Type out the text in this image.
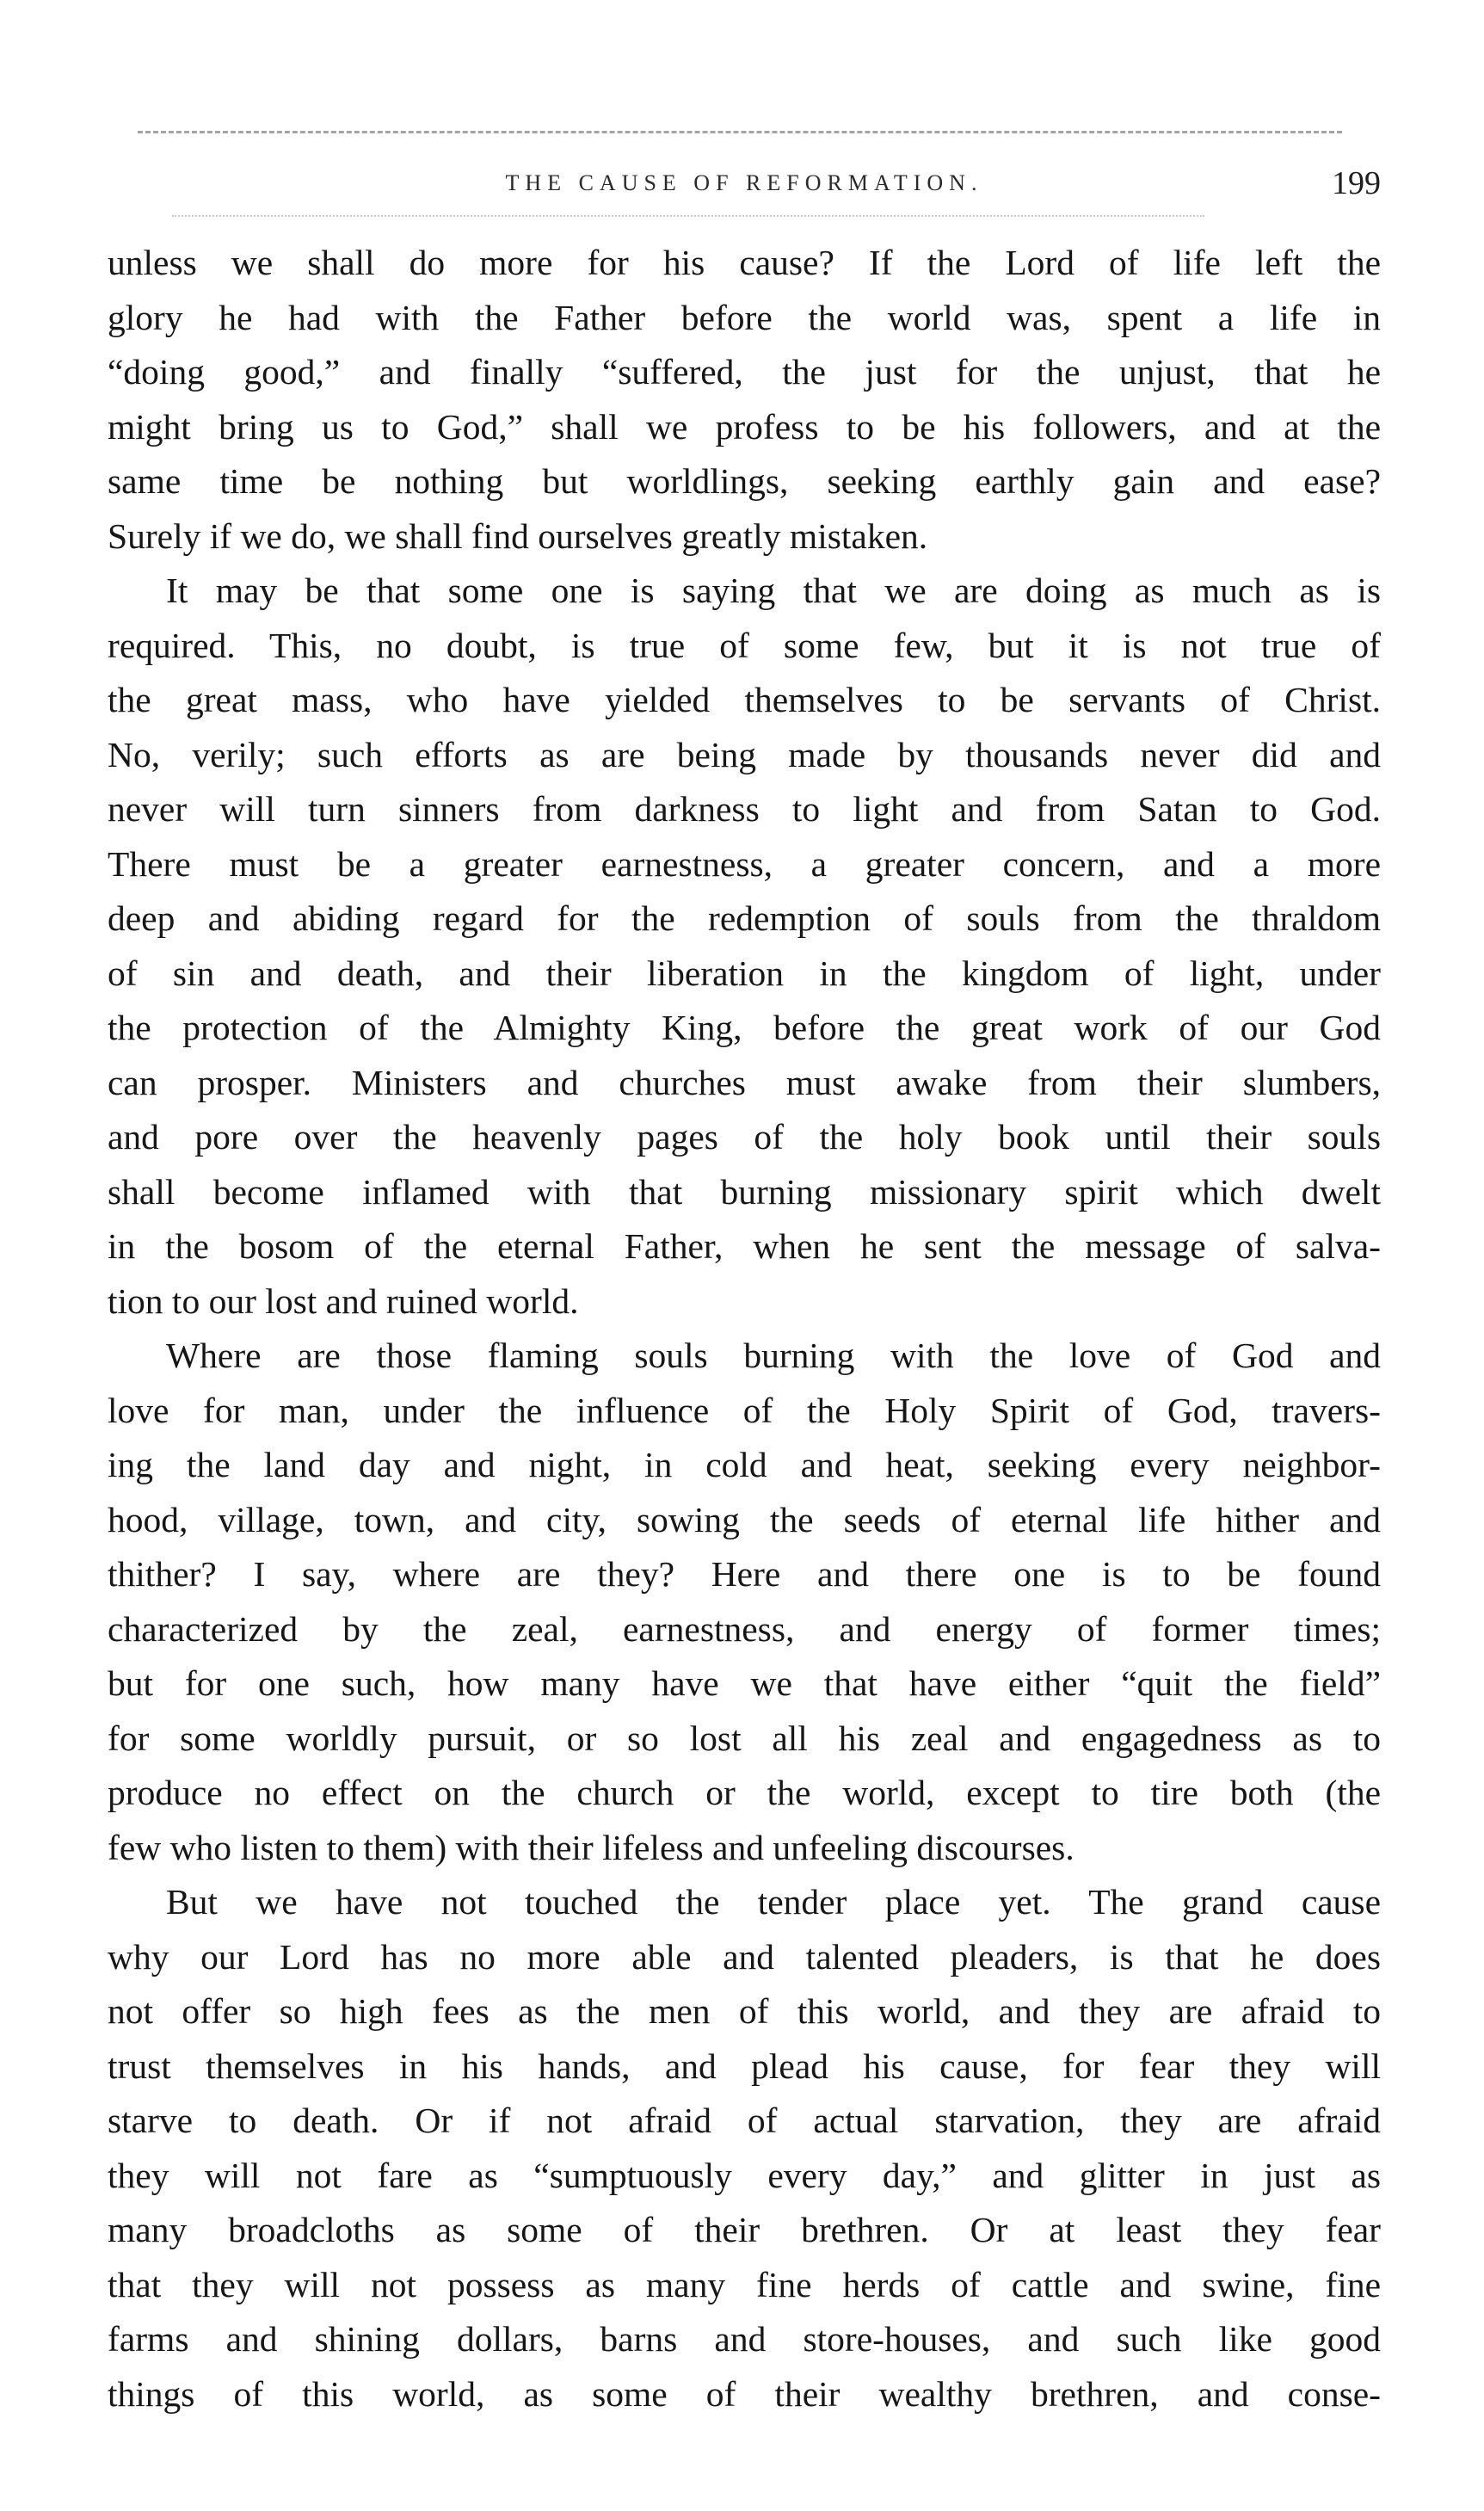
THE CAUSE OF REFORMATION.	199
unless we shall do more for his cause? If the Lord of life left the
glory he had with the Father before the world was, spent a life in
“doing good,” and finally “suffered, the just for the unjust, that he
might bring us to God,” shall we profess to be his followers, and at the
same time be nothing but worldlings, seeking earthly gain and ease?
Surely if we do, we shall find ourselves greatly mistaken.
It may be that some one is saying that we are doing as much as is
required. This, no doubt, is true of some few, but it is not true of
the great mass, who have yielded themselves to be servants of Christ.
No, verily; such efforts as are being made by thousands never did and
never will turn sinners from darkness to light and from Satan to God.
There must be a greater earnestness, a greater concern, and a more
deep and abiding regard for the redemption of souls from the thraldom
of sin and death, and their liberation in the kingdom of light, under
the protection of the Almighty King, before the great work of our God
can prosper. Ministers and churches must awake from their slumbers,
and pore over the heavenly pages of the holy book until their souls
shall become inflamed with that burning missionary spirit which dwelt
in the bosom of the eternal Father, when he sent the message of salva-
tion to our lost and ruined world.
Where are those flaming souls burning with the love of God and
love for man, under the influence of the Holy Spirit of God, travers-
ing the land day and night, in cold and heat, seeking every neighbor-
hood, village, town, and city, sowing the seeds of eternal life hither and
thither? I say, where are they? Here and there one is to be found
characterized by the zeal, earnestness, and energy of former times;
but for one such, how many have we that have either “quit the field”
for some worldly pursuit, or so lost all his zeal and engagedness as to
produce no effect on the church or the world, except to tire both (the
few who listen to them) with their lifeless and unfeeling discourses.
But we have not touched the tender place yet. The grand cause
why our Lord has no more able and talented pleaders, is that he does
not offer so high fees as the men of this world, and they are afraid to
trust themselves in his hands, and plead his cause, for fear they will
starve to death. Or if not afraid of actual starvation, they are afraid
they will not fare as “sumptuously every day,” and glitter in just as
many broadcloths as some of their brethren. Or at least they fear
that they will not possess as many fine herds of cattle and swine, fine
farms and shining dollars, barns and store-houses, and such like good
things of this world, as some of their wealthy brethren, and conse-
